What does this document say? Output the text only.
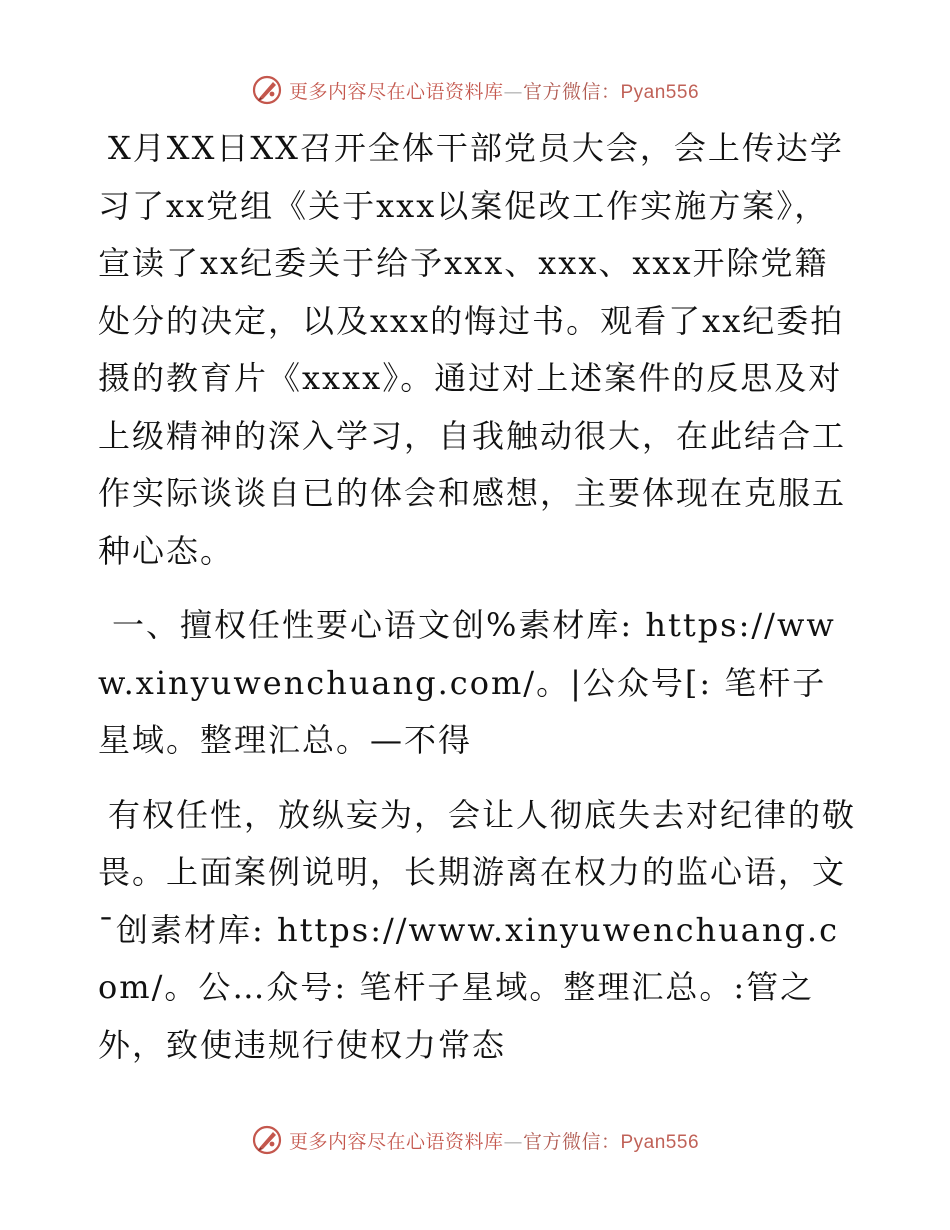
更多内容尽在心语资料库—官方微信：Pyan556

X月XX日XX召开全体干部党员大会，会上传达学习了xx党组《关于xxx以案促改工作实施方案》，宣读了xx纪委关于给予xxx、xxx、xxx开除党籍处分的决定，以及xxx的悔过书。观看了xx纪委拍摄的教育片《xxxx》。通过对上述案件的反思及对上级精神的深入学习，自我触动很大，在此结合工作实际谈谈自已的体会和感想，主要体现在克服五种心态。

一、擅权任性要心语文创%素材库: https://www.xinyuwenchuang.com/。|公众号[: 笔杆子星域。整理汇总。—不得

有权任性，放纵妄为，会让人彻底失去对纪律的敬畏。上面案例说明，长期游离在权力的监心语，文¯创素材库: https://www.xinyuwenchuang.com/。公…众号: 笔杆子星域。整理汇总。:管之外，致使违规行使权力常态

更多内容尽在心语资料库—官方微信：Pyan556
